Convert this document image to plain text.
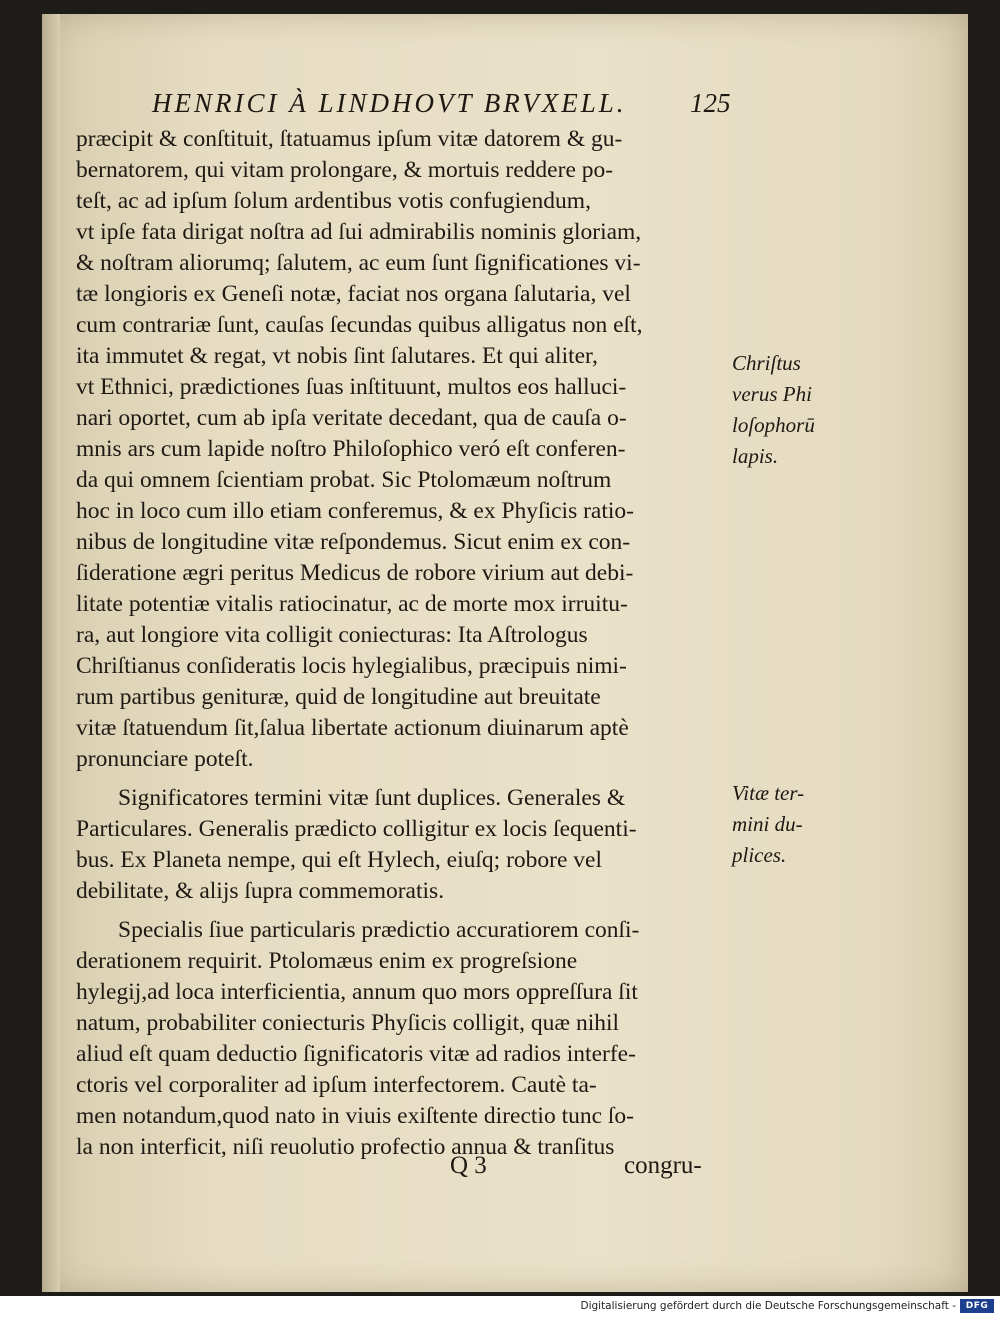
HENRICI À LINDHOVT BRVXELL. 125
præcipit & conſtituit, ſtatuamus ipſum vitæ datorem & gu-
bernatorem, qui vitam prolongare, & mortuis reddere po-
teſt, ac ad ipſum ſolum ardentibus votis confugiendum,
vt ipſe fata dirigat noſtra ad ſui admirabilis nominis gloriam,
& noſtram aliorumq; ſalutem, ac eum ſunt ſignificationes vi-
tæ longioris ex Geneſi notæ, faciat nos organa ſalutaria, vel
cum contrariæ ſunt, cauſas ſecundas quibus alligatus non eſt,
ita immutet & regat, vt nobis ſint ſalutares. Et qui aliter,
vt Ethnici, prædictiones ſuas inſtituunt, multos eos halluci-
nari oportet, cum ab ipſa veritate decedant, qua de cauſa o-
mnis ars cum lapide noſtro Philoſophico veró eſt conferen-
da qui omnem ſcientiam probat. Sic Ptolomæum noſtrum
hoc in loco cum illo etiam conferemus, & ex Phyſicis ratio-
nibus de longitudine vitæ reſpondemus. Sicut enim ex con-
ſideratione ægri peritus Medicus de robore virium aut debi-
litate potentiæ vitalis ratiocinatur, ac de morte mox irruitu-
ra, aut longiore vita colligit coniecturas: Ita Aſtrologus
Chriſtianus conſideratis locis hylegialibus, præcipuis nimi-
rum partibus genituræ, quid de longitudine aut breuitate
vitæ ſtatuendum ſit,ſalua libertate actionum diuinarum aptè
pronunciare poteſt.
Significatores termini vitæ ſunt duplices. Generales &
Particulares. Generalis prædicto colligitur ex locis ſequenti-
bus. Ex Planeta nempe, qui eſt Hylech, eiuſq; robore vel
debilitate, & alijs ſupra commemoratis.
Specialis ſiue particularis prædictio accuratiorem conſi-
derationem requirit. Ptolomæus enim ex progreſsione
hylegij,ad loca interficientia, annum quo mors oppreſſura ſit
natum, probabiliter coniecturis Phyſicis colligit, quæ nihil
aliud eſt quam deductio ſignificatoris vitæ ad radios interfe-
ctoris vel corporaliter ad ipſum interfectorem. Cautè ta-
men notandum,quod nato in viuis exiſtente directio tunc ſo-
la non interficit, niſi reuolutio profectio annua & tranſitus
Chriſtus
verus Phi
loſophorū
lapis.
Vitæ ter-
mini du-
plices.
Q 3	congru-
Digitalisierung gefördert durch die Deutsche Forschungsgemeinschaft -	DFG
